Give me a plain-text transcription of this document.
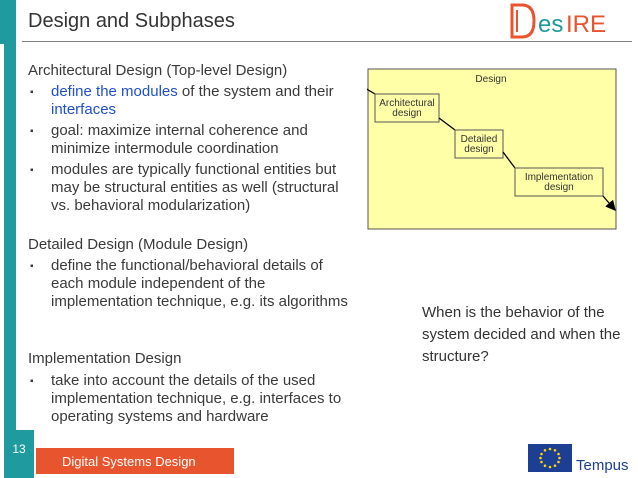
13
Design and Subphases	es IRE
Architectural Design (Top-level Design)
▪ define the modules of the system and their interfaces
▪ goal: maximize internal coherence and minimize intermodule coordination
▪ modules are typically functional entities but may be structural entities as well (structural vs. behavioral modularization)
Detailed Design (Module Design)
▪ define the functional/behavioral details of each module independent of the implementation technique, e.g. its algorithms
Implementation Design
▪ take into account the details of the used implementation technique, e.g. interfaces to operating systems and hardware
Design
Architectural
design
Detailed
design
Implementation
design
When is the behavior of the system decided and when the structure?
Digital Systems Design	Tempus
